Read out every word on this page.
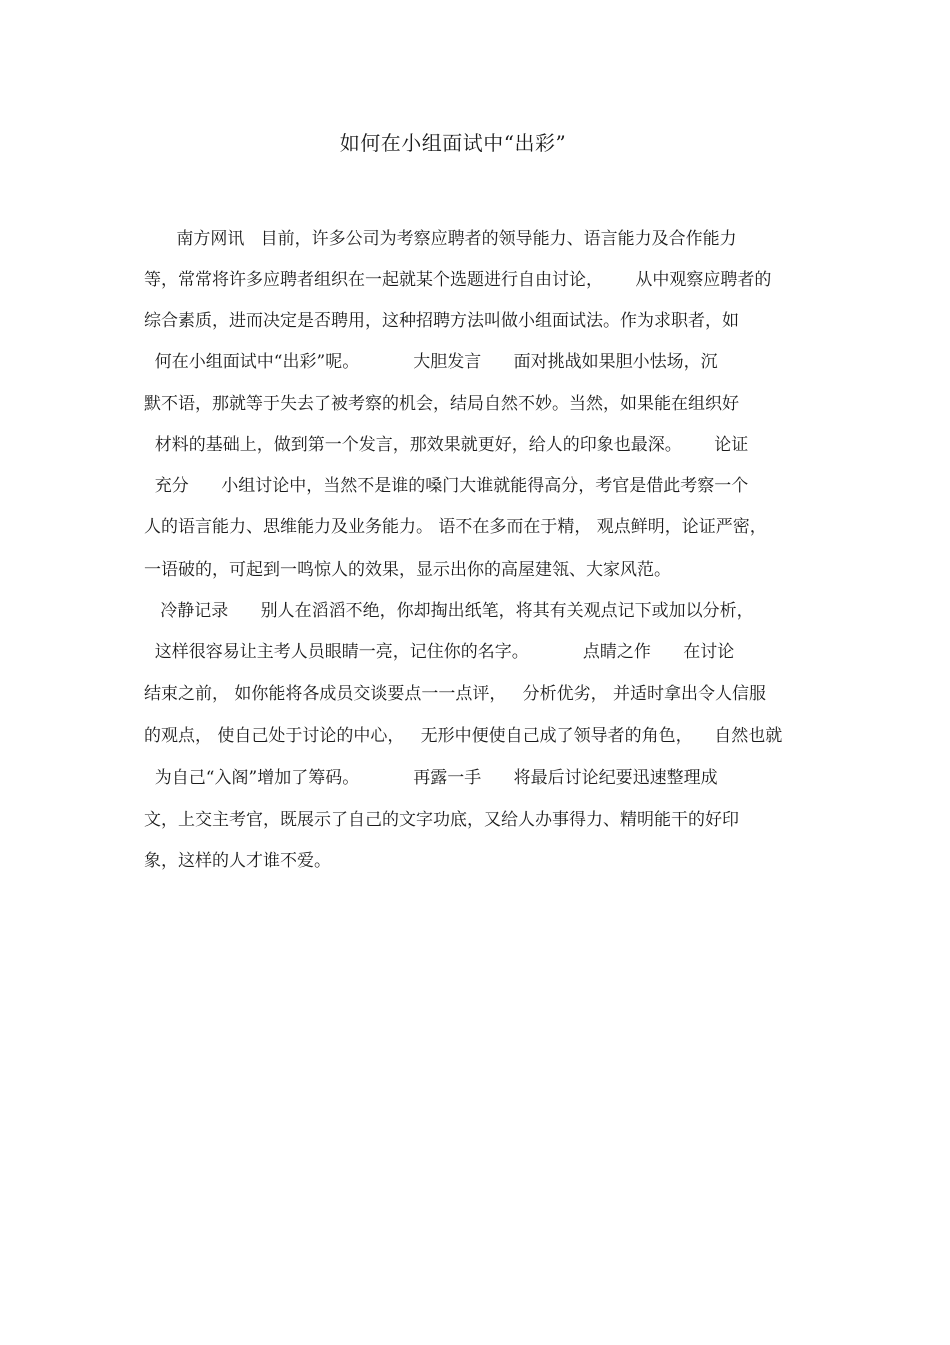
如何在小组面试中“出彩”
南方网讯   目前，许多公司为考察应聘者的领导能力、语言能力及合作能力
等，常常将许多应聘者组织在一起就某个选题进行自由讨论，      从中观察应聘者的
综合素质，进而决定是否聘用，这种招聘方法叫做小组面试法。作为求职者，如
何在小组面试中“出彩”呢。          大胆发言      面对挑战如果胆小怯场，沉
默不语，那就等于失去了被考察的机会，结局自然不妙。当然，如果能在组织好
材料的基础上，做到第一个发言，那效果就更好，给人的印象也最深。      论证
充分      小组讨论中，当然不是谁的嗓门大谁就能得高分，考官是借此考察一个
人的语言能力、思维能力及业务能力。 语不在多而在于精， 观点鲜明，论证严密，
一语破的，可起到一鸣惊人的效果，显示出你的高屋建瓴、大家风范。
冷静记录      别人在滔滔不绝，你却掏出纸笔，将其有关观点记下或加以分析，
这样很容易让主考人员眼睛一亮，记住你的名字。          点睛之作      在讨论
结束之前， 如你能将各成员交谈要点一一点评，   分析优劣， 并适时拿出令人信服
的观点， 使自己处于讨论的中心，   无形中便使自己成了领导者的角色，    自然也就
为自己“入阁”增加了筹码。          再露一手      将最后讨论纪要迅速整理成
文，上交主考官，既展示了自己的文字功底，又给人办事得力、精明能干的好印
象，这样的人才谁不爱。
